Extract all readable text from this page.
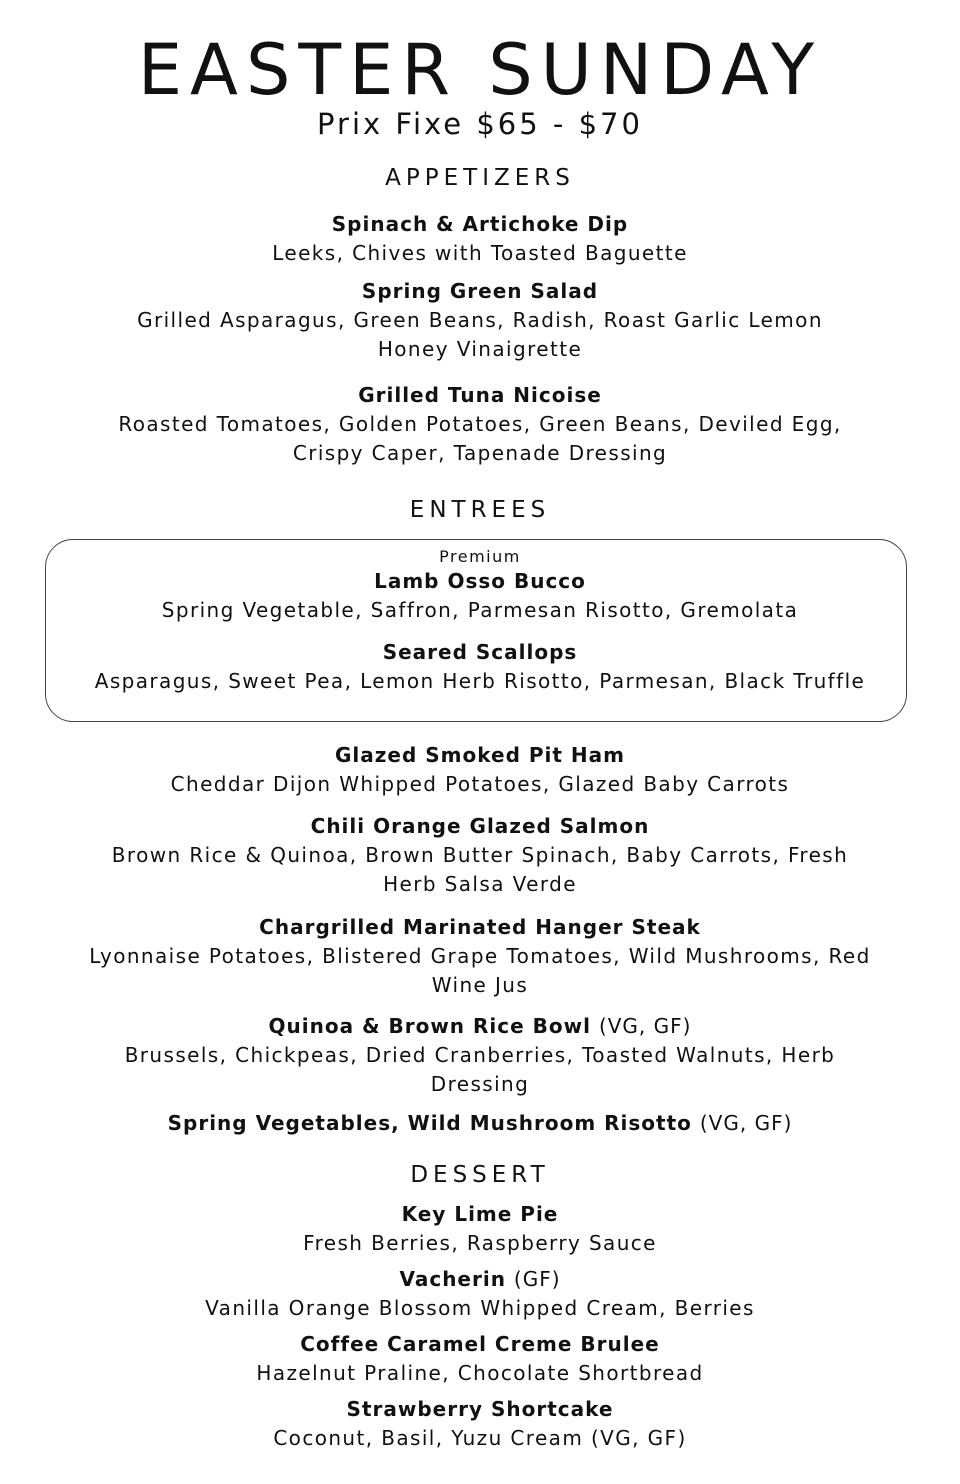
EASTER SUNDAY
Prix Fixe $65 - $70
APPETIZERS
Spinach & Artichoke Dip
Leeks, Chives with Toasted Baguette
Spring Green Salad
Grilled Asparagus, Green Beans, Radish, Roast Garlic Lemon Honey Vinaigrette
Grilled Tuna Nicoise
Roasted Tomatoes, Golden Potatoes, Green Beans, Deviled Egg, Crispy Caper, Tapenade Dressing
ENTREES
Premium
Lamb Osso Bucco
Spring Vegetable, Saffron, Parmesan Risotto, Gremolata
Seared Scallops
Asparagus, Sweet Pea, Lemon Herb Risotto, Parmesan, Black Truffle
Glazed Smoked Pit Ham
Cheddar Dijon Whipped Potatoes, Glazed Baby Carrots
Chili Orange Glazed Salmon
Brown Rice & Quinoa, Brown Butter Spinach, Baby Carrots, Fresh Herb Salsa Verde
Chargrilled Marinated Hanger Steak
Lyonnaise Potatoes, Blistered Grape Tomatoes, Wild Mushrooms, Red Wine Jus
Quinoa & Brown Rice Bowl (VG, GF)
Brussels, Chickpeas, Dried Cranberries, Toasted Walnuts, Herb Dressing
Spring Vegetables, Wild Mushroom Risotto (VG, GF)
DESSERT
Key Lime Pie
Fresh Berries, Raspberry Sauce
Vacherin (GF)
Vanilla Orange Blossom Whipped Cream, Berries
Coffee Caramel Creme Brulee
Hazelnut Praline, Chocolate Shortbread
Strawberry Shortcake
Coconut, Basil, Yuzu Cream (VG, GF)
